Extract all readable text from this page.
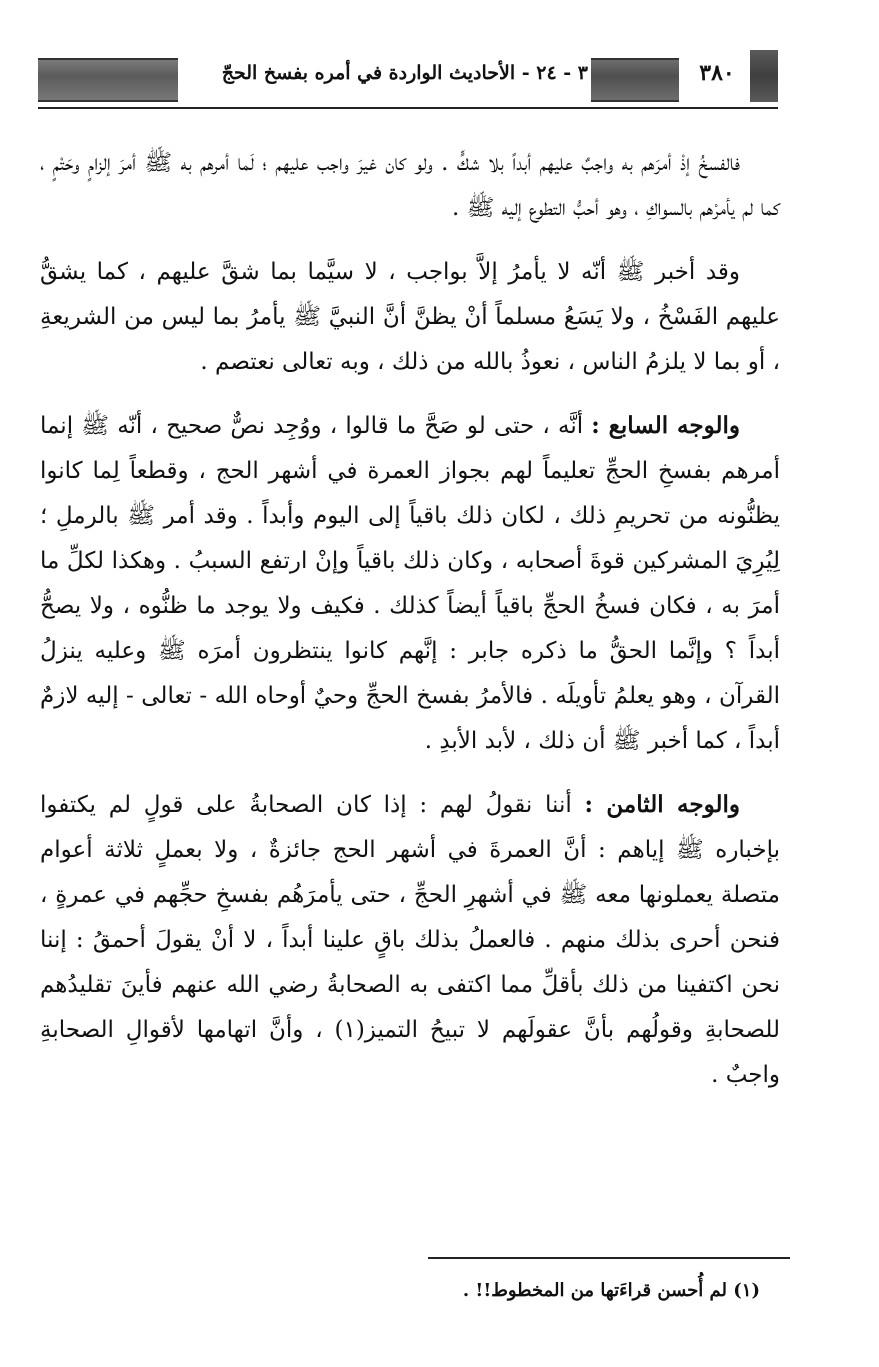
٣ - ٢٤ - الأحاديث الواردة في أمره بفسخ الحجّ	٣٨٠

فالفسخُ إذْ أمرَهم به واجبٌ عليهم أبداً بلا شكٍّ . ولو كان غيرَ واجب عليهم ؛ لَما أمرهم به ﷺ أمرَ إلزامٍ وحَتْمٍ ، كما لم يأمرْهم بالسواكِ ، وهو أحبُّ التطوع إليه ﷺ .

وقد أخبر ﷺ أنّه لا يأمرُ إلاَّ بواجب ، لا سيَّما بما شقَّ عليهم ، كما يشقُّ عليهم الفَسْخُ ، ولا يَسَعُ مسلماً أنْ يظنَّ أنَّ النبيَّ ﷺ يأمرُ بما ليس من الشريعةِ ، أو بما لا يلزمُ الناس ، نعوذُ بالله من ذلك ، وبه تعالى نعتصم .

والوجه السابع : أنَّه ، حتى لو صَحَّ ما قالوا ، ووُجِد نصٌّ صحيح ، أنّه ﷺ إنما أمرهم بفسخِ الحجِّ تعليماً لهم بجواز العمرة في أشهر الحج ، وقطعاً لِما كانوا يظنُّونه من تحريمِ ذلك ، لكان ذلك باقياً إلى اليوم وأبداً . وقد أمر ﷺ بالرملِ ؛ لِيُرِيَ المشركين قوةَ أصحابه ، وكان ذلك باقياً وإنْ ارتفع السببُ . وهكذا لكلِّ ما أمرَ به ، فكان فسخُ الحجِّ باقياً أيضاً كذلك . فكيف ولا يوجد ما ظنُّوه ، ولا يصحُّ أبداً ؟ وإنَّما الحقُّ ما ذكره جابر : إنَّهم كانوا ينتظرون أمرَه ﷺ وعليه ينزلُ القرآن ، وهو يعلمُ تأويلَه . فالأمرُ بفسخ الحجِّ وحيٌ أوحاه الله - تعالى - إليه لازمٌ أبداً ، كما أخبر ﷺ أن ذلك ، لأبد الأبدِ .

والوجه الثامن : أننا نقولُ لهم : إذا كان الصحابةُ على قولٍ لم يكتفوا بإخباره ﷺ إياهم : أنَّ العمرةَ في أشهر الحج جائزةٌ ، ولا بعملٍ ثلاثة أعوام متصلة يعملونها معه ﷺ في أشهرِ الحجِّ ، حتى يأمرَهُم بفسخِ حجِّهم في عمرةٍ ، فنحن أحرى بذلك منهم . فالعملُ بذلك باقٍ علينا أبداً ، لا أنْ يقولَ أحمقُ : إننا نحن اكتفينا من ذلك بأقلِّ مما اكتفى به الصحابةُ رضي الله عنهم فأينَ تقليدُهم للصحابةِ وقولُهم بأنَّ عقولَهم لا تبيحُ التميز(١) ، وأنَّ اتهامها لأقوالِ الصحابةِ واجبٌ .

(١) لم أُحسن قراءَتها من المخطوط!! .
